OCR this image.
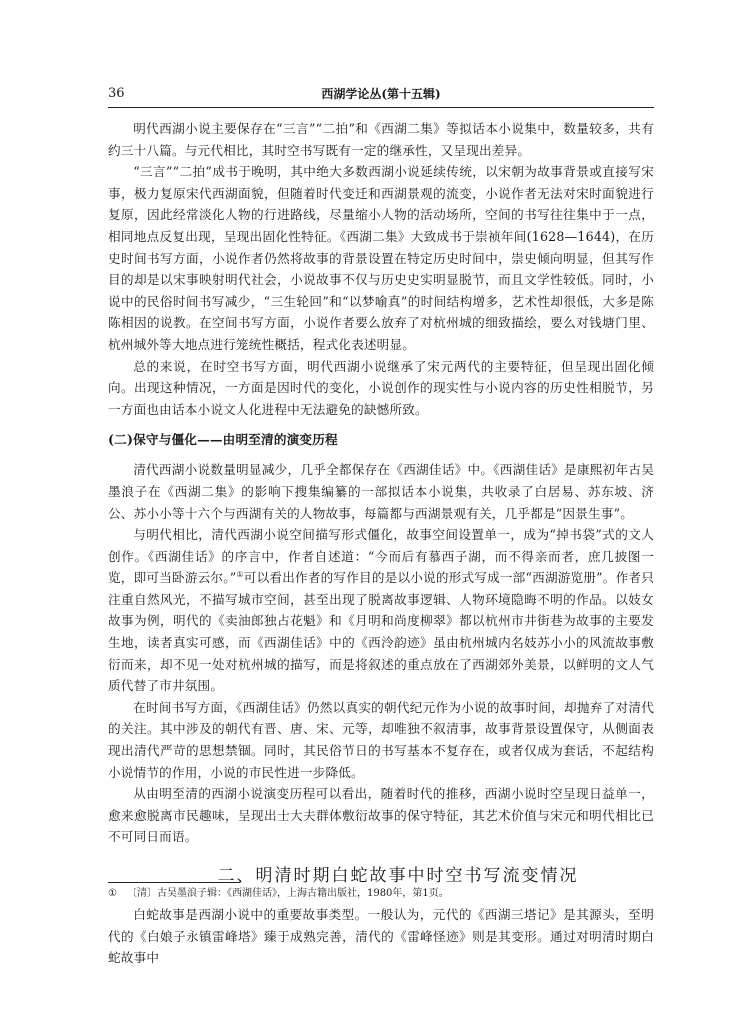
36	西湖学论丛(第十五辑)

明代西湖小说主要保存在“三言”“二拍”和《西湖二集》等拟话本小说集中，数量较多，共有约三十八篇。与元代相比，其时空书写既有一定的继承性，又呈现出差异。

“三言”“二拍”成书于晚明，其中绝大多数西湖小说延续传统，以宋朝为故事背景或直接写宋事，极力复原宋代西湖面貌，但随着时代变迁和西湖景观的流变，小说作者无法对宋时面貌进行复原，因此经常淡化人物的行进路线，尽量缩小人物的活动场所，空间的书写往往集中于一点，相同地点反复出现，呈现出固化性特征。《西湖二集》大致成书于崇祯年间(1628—1644)，在历史时间书写方面，小说作者仍然将故事的背景设置在特定历史时间中，崇史倾向明显，但其写作目的却是以宋事映射明代社会，小说故事不仅与历史史实明显脱节，而且文学性较低。同时，小说中的民俗时间书写减少，“三生轮回”和“以梦喻真”的时间结构增多，艺术性却很低，大多是陈陈相因的说教。在空间书写方面，小说作者要么放弃了对杭州城的细致描绘，要么对钱塘门里、杭州城外等大地点进行笼统性概括，程式化表述明显。

总的来说，在时空书写方面，明代西湖小说继承了宋元两代的主要特征，但呈现出固化倾向。出现这种情况，一方面是因时代的变化，小说创作的现实性与小说内容的历史性相脱节，另一方面也由话本小说文人化进程中无法避免的缺憾所致。

(二)保守与僵化——由明至清的演变历程

清代西湖小说数量明显减少，几乎全都保存在《西湖佳话》中。《西湖佳话》是康熙初年古吴墨浪子在《西湖二集》的影响下搜集编纂的一部拟话本小说集，共收录了白居易、苏东坡、济公、苏小小等十六个与西湖有关的人物故事，每篇都与西湖景观有关，几乎都是“因景生事”。

与明代相比，清代西湖小说空间描写形式僵化，故事空间设置单一，成为“掉书袋”式的文人创作。《西湖佳话》的序言中，作者自述道：“今而后有慕西子湖，而不得亲而者，庶几披图一览，即可当卧游云尔。”①可以看出作者的写作目的是以小说的形式写成一部“西湖游览册”。作者只注重自然风光，不描写城市空间，甚至出现了脱离故事逻辑、人物环境隐晦不明的作品。以妓女故事为例，明代的《卖油郎独占花魁》和《月明和尚度柳翠》都以杭州市井街巷为故事的主要发生地，读者真实可感，而《西湖佳话》中的《西泠韵迹》虽由杭州城内名妓苏小小的风流故事敷衍而来，却不见一处对杭州城的描写，而是将叙述的重点放在了西湖郊外美景，以鲜明的文人气质代替了市井氛围。

在时间书写方面，《西湖佳话》仍然以真实的朝代纪元作为小说的故事时间，却抛弃了对清代的关注。其中涉及的朝代有晋、唐、宋、元等，却唯独不叙清事，故事背景设置保守，从侧面表现出清代严苛的思想禁锢。同时，其民俗节日的书写基本不复存在，或者仅成为套话，不起结构小说情节的作用，小说的市民性进一步降低。

从由明至清的西湖小说演变历程可以看出，随着时代的推移，西湖小说时空呈现日益单一，愈来愈脱离市民趣味，呈现出士大夫群体敷衍故事的保守特征，其艺术价值与宋元和明代相比已不可同日而语。

二、明清时期白蛇故事中时空书写流变情况

白蛇故事是西湖小说中的重要故事类型。一般认为，元代的《西湖三塔记》是其源头，至明代的《白娘子永镇雷峰塔》臻于成熟完善，清代的《雷峰怪迹》则是其变形。通过对明清时期白蛇故事中

① 〔清〕古吴墨浪子辑：《西湖佳话》，上海古籍出版社，1980年，第1页。
